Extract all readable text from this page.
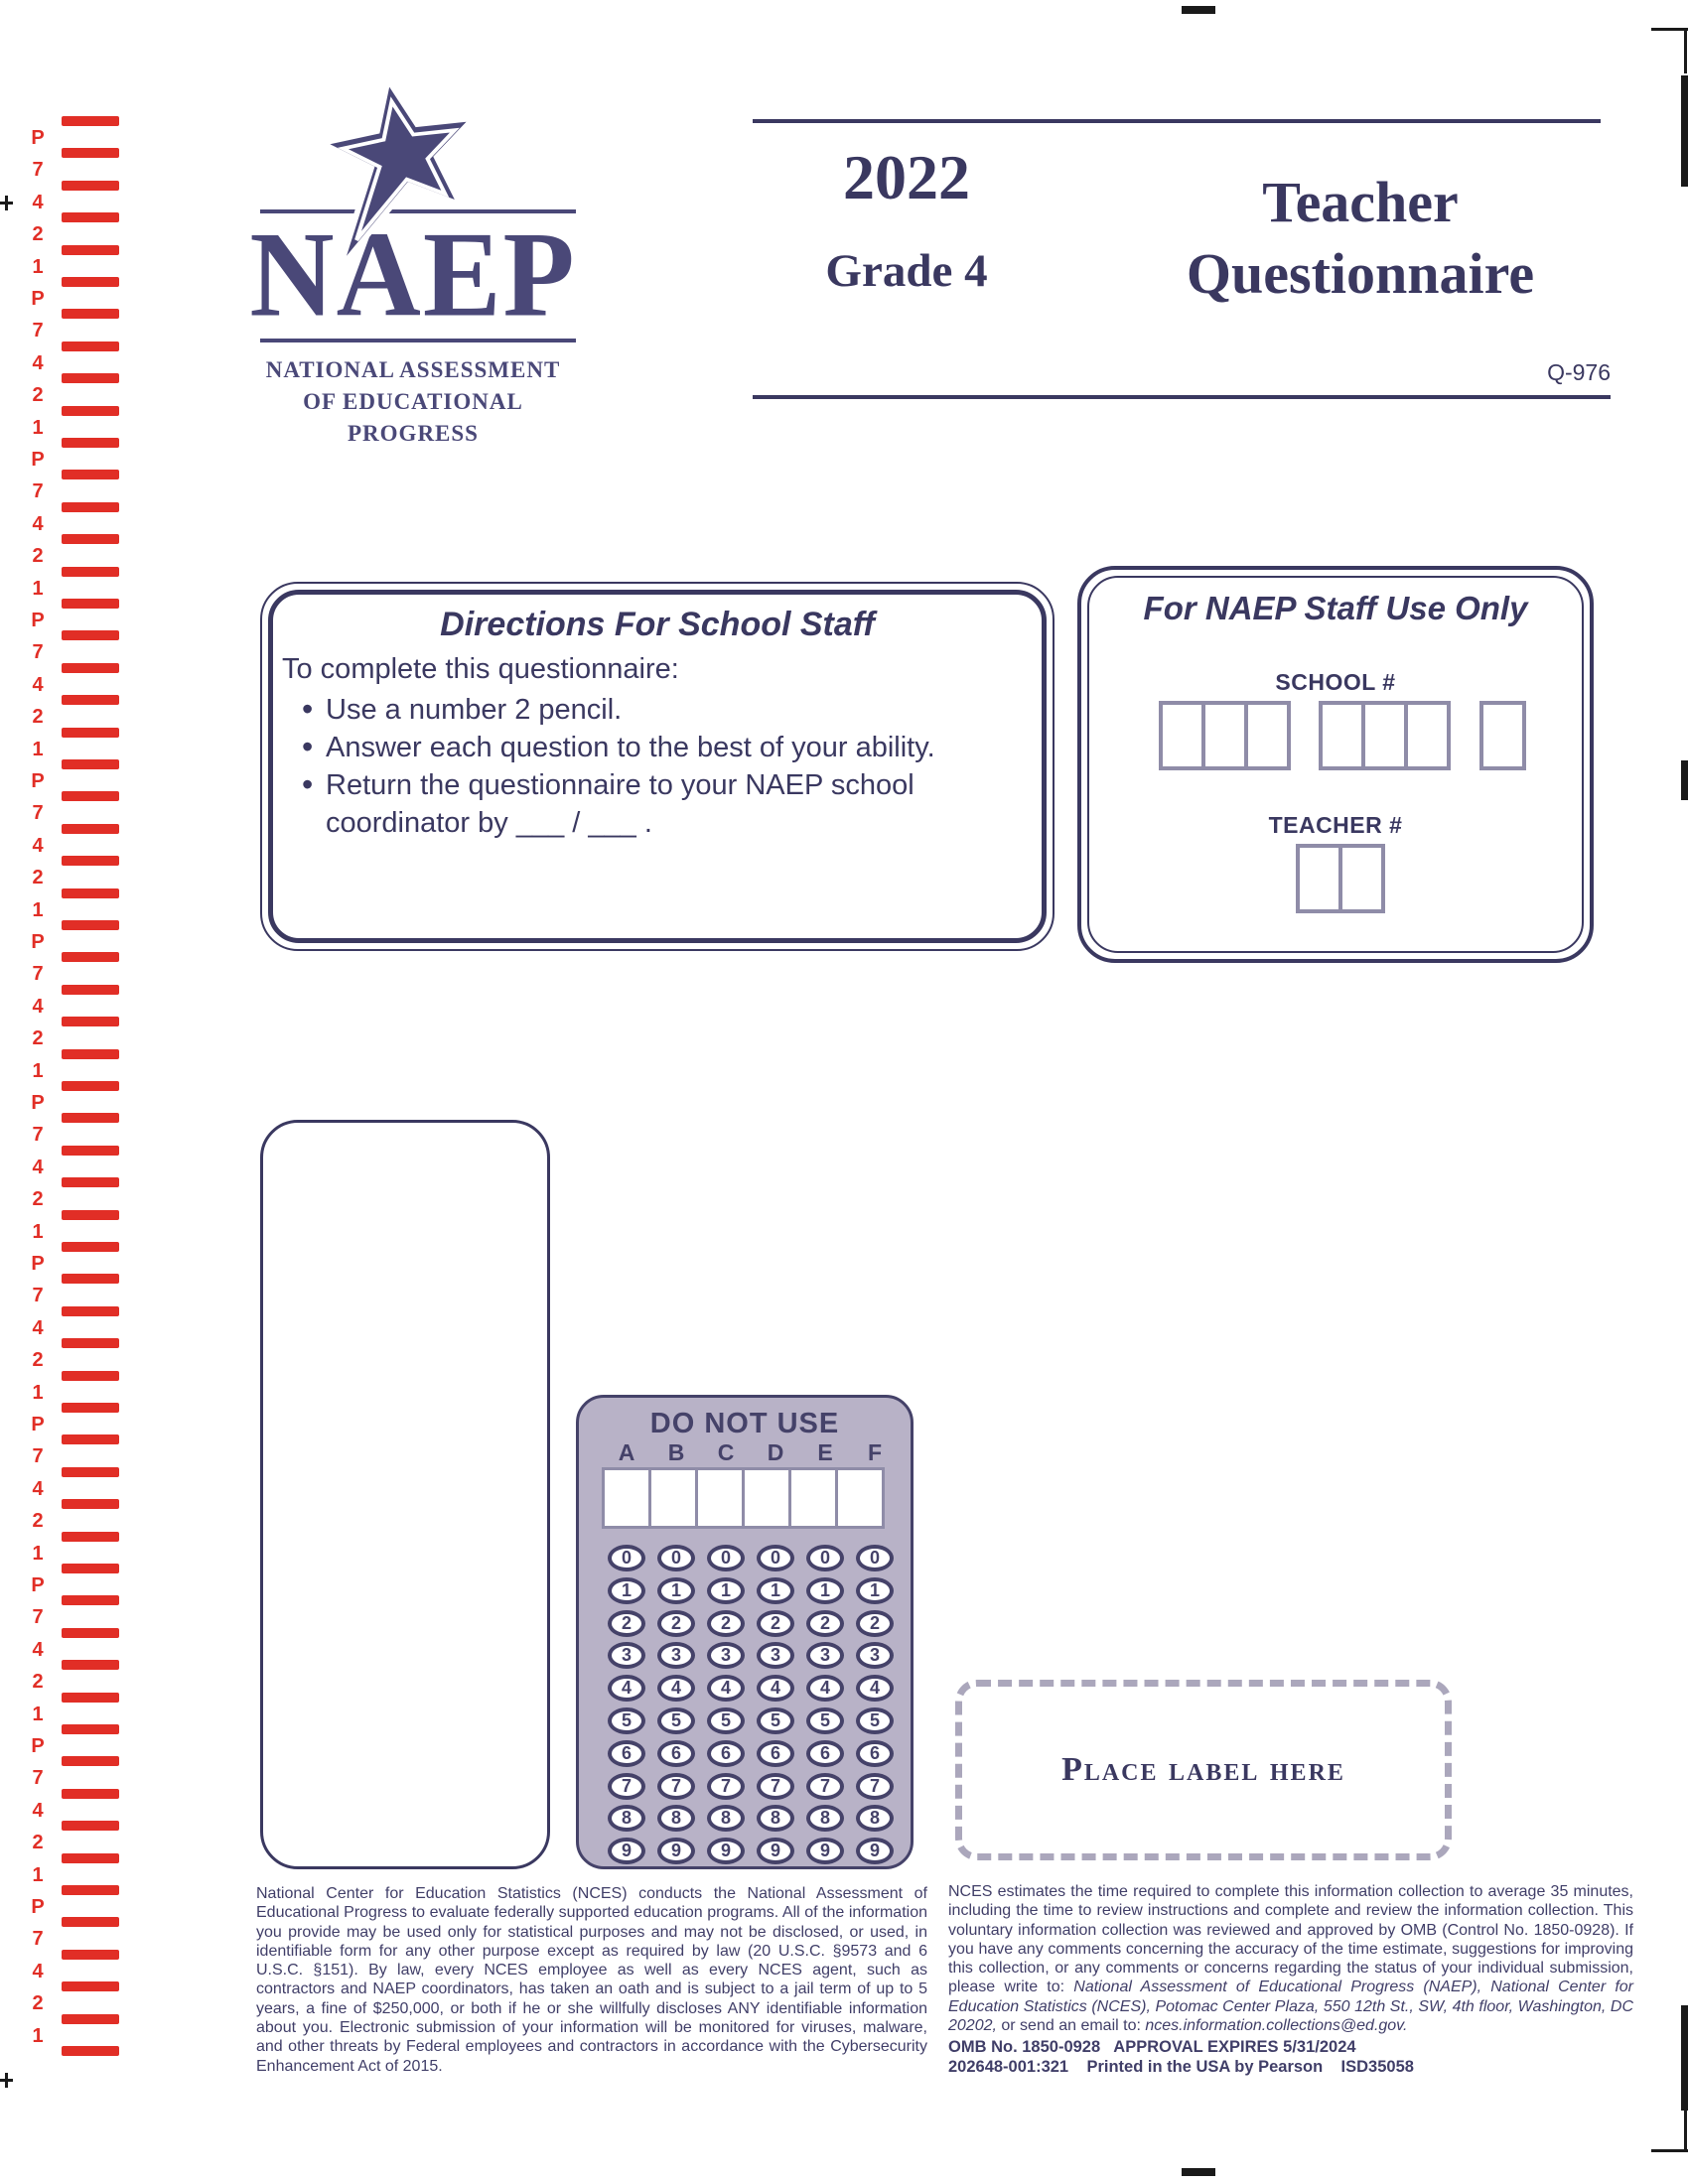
P
7
4
2
1
P
7
4
2
1
P
7
4
2
1
P
7
4
2
1
P
7
4
2
1
P
7
4
2
1
P
7
4
2
1
P
7
4
2
1
P
7
4
2
1
P
7
4
2
1
P
7
4
2
1
P
7
4
2
1
NAEP
NATIONAL ASSESSMENT
OF EDUCATIONAL
PROGRESS
2022
Grade 4
Teacher
Questionnaire
Q-976
Directions For School Staff
To complete this questionnaire:
• Use a number 2 pencil.
• Answer each question to the best of your ability.
• Return the questionnaire to your NAEP school coordinator by ___ / ___ .
For NAEP Staff Use Only
SCHOOL #
TEACHER #
DO NOT USE
A B C D	E	F
0	0	0	0	0	0
1	1	1	1	1	1
2	2	2	2	2	2
3	3	3	3	3	3
4	4	4	4	4	4
5	5	5	5	5	5
6	6	6	6	6	6
7	7	7	7	7	7
8	8	8	8	8	8
9	9	9	9	9	9
Place label here
National Center for Education Statistics (NCES) conducts the National Assessment of Educational Progress to evaluate federally supported education programs. All of the information you provide may be used only for statistical purposes and may not be disclosed, or used, in identifiable form for any other purpose except as required by law (20 U.S.C. §9573 and 6 U.S.C. §151). By law, every NCES employee as well as every NCES agent, such as contractors and NAEP coordinators, has taken an oath and is subject to a jail term of up to 5 years, a fine of $250,000, or both if he or she willfully discloses ANY identifiable information about you. Electronic submission of your information will be monitored for viruses, malware, and other threats by Federal employees and contractors in accordance with the Cybersecurity Enhancement Act of 2015.
NCES estimates the time required to complete this information collection to average 35 minutes, including the time to review instructions and complete and review the information collection. This voluntary information collection was reviewed and approved by OMB (Control No. 1850-0928). If you have any comments concerning the accuracy of the time estimate, suggestions for improving this collection, or any comments or concerns regarding the status of your individual submission, please write to: National Assessment of Educational Progress (NAEP), National Center for Education Statistics (NCES), Potomac Center Plaza, 550 12th St., SW, 4th floor, Washington, DC 20202, or send an email to: nces.information.collections@ed.gov.
OMB No. 1850-0928   APPROVAL EXPIRES 5/31/2024
202648-001:321    Printed in the USA by Pearson    ISD35058
